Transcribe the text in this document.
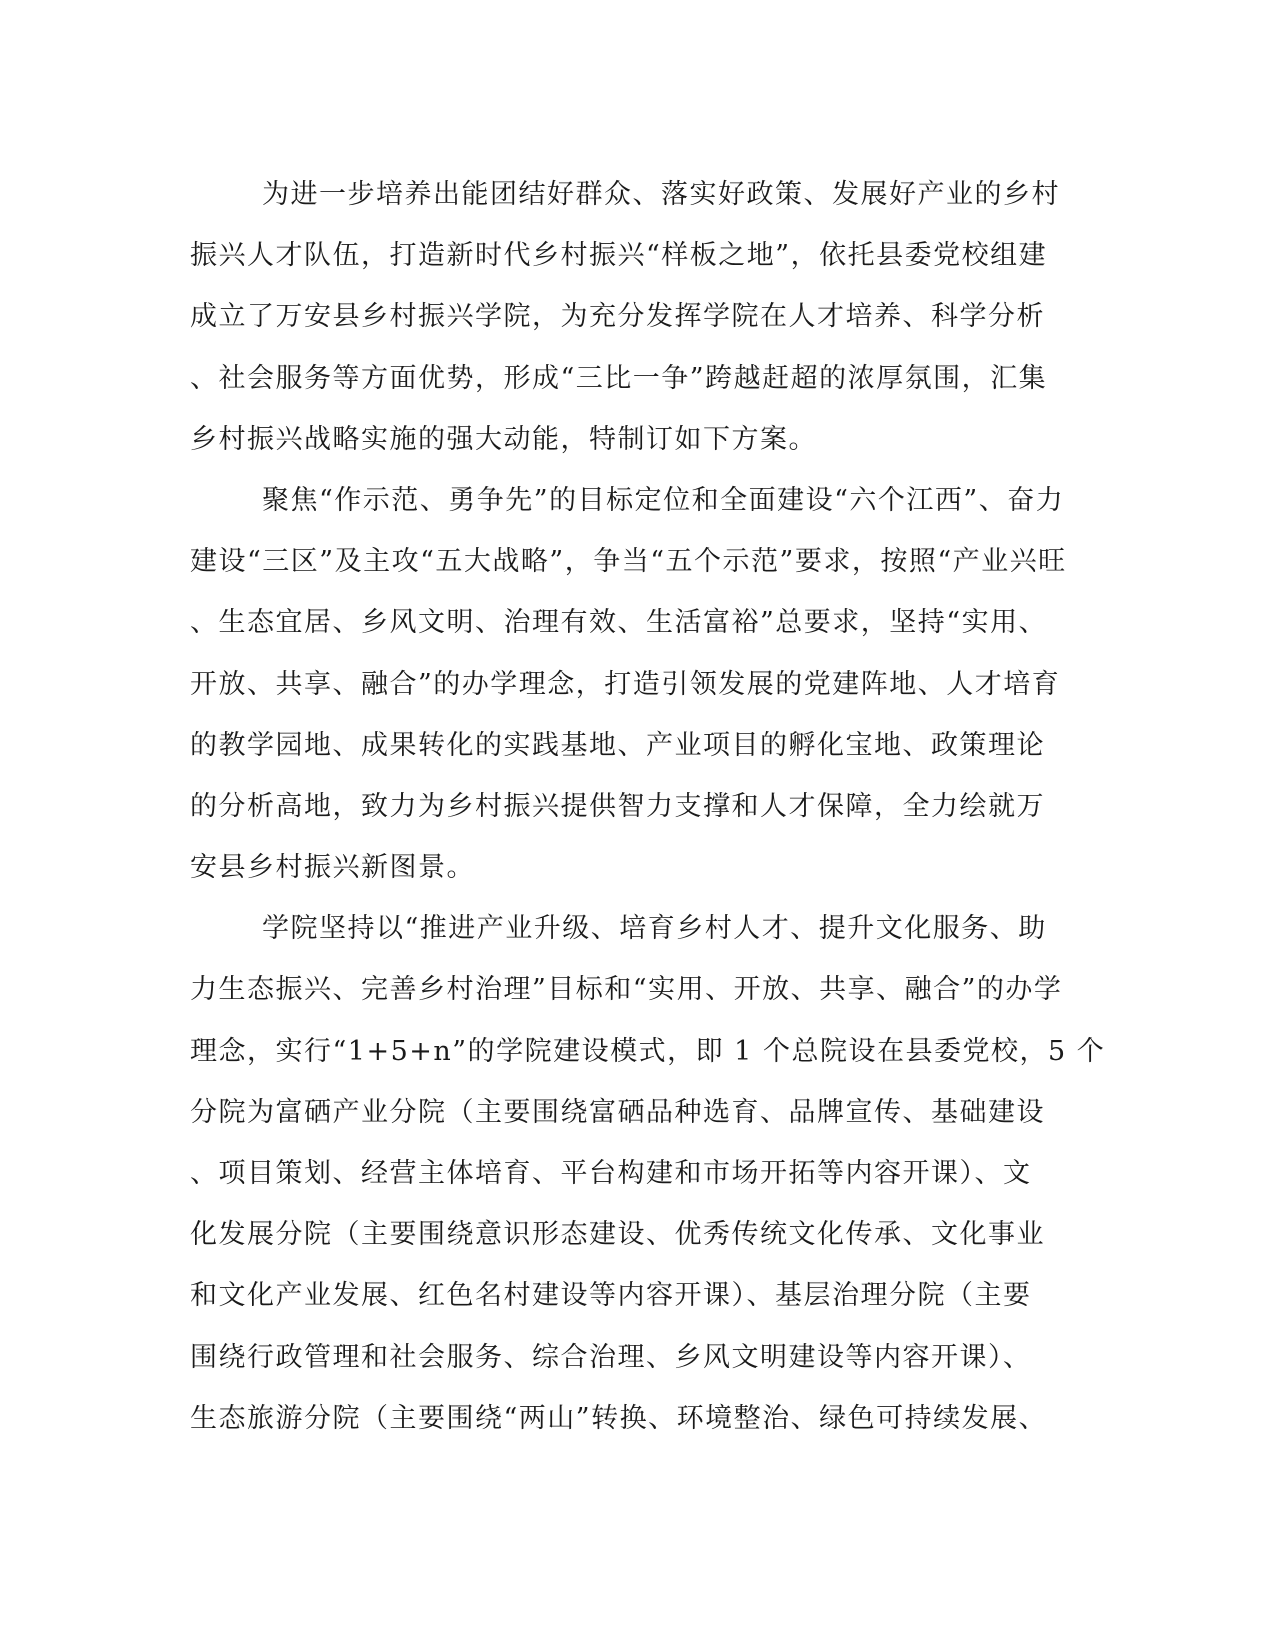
为进一步培养出能团结好群众、落实好政策、发展好产业的乡村
振兴人才队伍，打造新时代乡村振兴“样板之地”，依托县委党校组建
成立了万安县乡村振兴学院，为充分发挥学院在人才培养、科学分析
、社会服务等方面优势，形成“三比一争”跨越赶超的浓厚氛围，汇集
乡村振兴战略实施的强大动能，特制订如下方案。
聚焦“作示范、勇争先”的目标定位和全面建设“六个江西”、奋力
建设“三区”及主攻“五大战略”，争当“五个示范”要求，按照“产业兴旺
、生态宜居、乡风文明、治理有效、生活富裕”总要求，坚持“实用、
开放、共享、融合”的办学理念，打造引领发展的党建阵地、人才培育
的教学园地、成果转化的实践基地、产业项目的孵化宝地、政策理论
的分析高地，致力为乡村振兴提供智力支撑和人才保障，全力绘就万
安县乡村振兴新图景。
学院坚持以“推进产业升级、培育乡村人才、提升文化服务、助
力生态振兴、完善乡村治理”目标和“实用、开放、共享、融合”的办学
理念，实行“1+5+n”的学院建设模式，即 1 个总院设在县委党校，5 个
分院为富硒产业分院（主要围绕富硒品种选育、品牌宣传、基础建设
、项目策划、经营主体培育、平台构建和市场开拓等内容开课）、文
化发展分院（主要围绕意识形态建设、优秀传统文化传承、文化事业
和文化产业发展、红色名村建设等内容开课）、基层治理分院（主要
围绕行政管理和社会服务、综合治理、乡风文明建设等内容开课）、
生态旅游分院（主要围绕“两山”转换、环境整治、绿色可持续发展、
